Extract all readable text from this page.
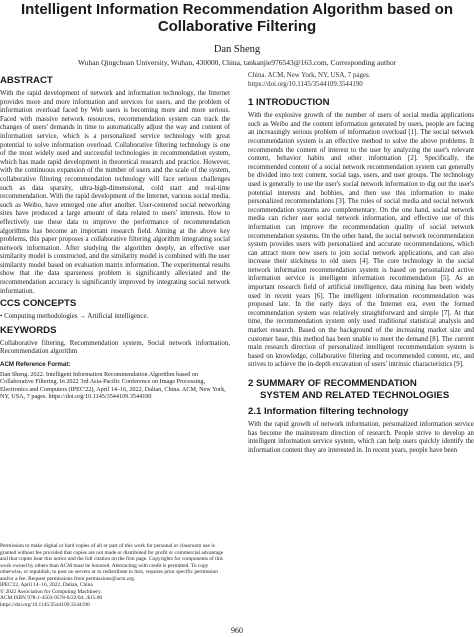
Intelligent Information Recommendation Algorithm based on
Collaborative Filtering
Dan Sheng
Wuhan Qingchuan University, Wuhan, 430000, China, tankanjie976543@163.com, Corresponding author
ABSTRACT

With the rapid development of network and information technology, the Internet provides more and more information and services for users, and the problem of information overload faced by Web users is becoming more and more serious. Faced with massive network resources, recommendation system can track the changes of users' demands in time to automatically adjust the way and content of information service, which is a personalized service technology with great potential to solve information overload. Collaborative filtering technology is one of the most widely used and successful technologies in recommendation system, which has made rapid development in theoretical research and practice. However, with the continuous expansion of the number of users and the scale of the system, collaborative filtering recommendation technology will face serious challenges such as data sparsity, ultra-high-dimensional, cold start and real-time recommendation. With the rapid development of the Internet, various social media, such as Weibo, have emerged one after another. User-centered social networking sites have produced a large amount of data related to users' interests. How to effectively use these data to improve the performance of recommendation algorithms has become an important research field. Aiming at the above key problems, this paper proposes a collaborative filtering algorithm integrating social network information. After studying the algorithm deeply, an effective user similarity model is constructed, and the similarity model is combined with the user similarity model based on evaluation matrix information. The experimental results show that the data sparseness problem is significantly alleviated and the recommendation accuracy is significantly improved by integrating social network information.

CCS CONCEPTS

• Computing methodologies → Artificial intelligence.

KEYWORDS

Collaborative filtering, Recommendation system, Social network information, Recommendation algorithm

ACM Reference Format:

Dan Sheng. 2022. Intelligent Information Recommendation Algorithm based on Collaborative Filtering. In 2022 3rd Asia-Pacific Conference on Image Processing, Electronics and Computers (IPEC'22), April 14–16, 2022, Dalian, China. ACM, New York, NY, USA, 7 pages. https://doi.org/10.1145/3544109.3544190

Permission to make digital or hard copies of all or part of this work for personal or classroom use is granted without fee provided that copies are not made or distributed for profit or commercial advantage and that copies bear this notice and the full citation on the first page. Copyrights for components of this work owned by others than ACM must be honored. Abstracting with credit is permitted. To copy otherwise, or republish, to post on servers or to redistribute to lists, requires prior specific permission and/or a fee. Request permissions from permissions@acm.org.

IPEC'22, April 14–16, 2022, Dalian, China

© 2022 Association for Computing Machinery.

ACM ISBN 978-1-4503-9578-6/22/04...$15.00

https://doi.org/10.1145/3544109.3544190

China. ACM, New York, NY, USA, 7 pages. https://doi.org/10.1145/3544109.3544190

1 INTRODUCTION

With the explosive growth of the number of users of social media applications such as Weibo and the content information generated by users, people are facing an increasingly serious problem of information overload [1]. The social network recommendation system is an effective method to solve the above problems. It recommends the content of interest to the user by analyzing the user's relevant content, behavior habits and other information [2]. Specifically, the recommended content of a social network recommendation system can generally be divided into text content, social tags, users, and user groups. The technology used is generally to use the user's social network information to dig out the user's potential interests and hobbies, and then use this information to make personalized recommendations [3]. The roles of social media and social network recommendation systems are complementary. On the one hand, social network media can richer user social network information, and effective use of this information can improve the recommendation quality of social network recommendation systems. On the other hand, the social network recommendation system provides users with personalized and accurate recommendations, which can attract more new users to join social network applications, and can also increase their stickiness to old users [4]. The core technology in the social network information recommendation system is based on personalized active information service is intelligent information recommendation [5]. As an important research field of artificial intelligence, data mining has been widely used in recent years [6]. The intelligent information recommendation was proposed late. In the early days of the Internet era, even the formed recommendation system was relatively straightforward and simple [7]. At that time, the recommendation system only used traditional statistical analysis and market research. Based on the background of the increasing market size and customer base, this method has been unable to meet the demand [8]. The current main research direction of personalized intelligent recommendation system is based on knowledge, collaborative filtering and recommended content, etc, and strives to achieve the in-depth excavation of users' intrinsic characteristics [9].

2 SUMMARY OF RECOMMENDATION
SYSTEM AND RELATED TECHNOLOGIES
2.1 Information filtering technology

With the rapid growth of network information, personalized information service has become the mainstream direction of research. People strive to develop an intelligent information service system, which can help users quickly identify the information content they are interested in. In recent years, people have been

960
